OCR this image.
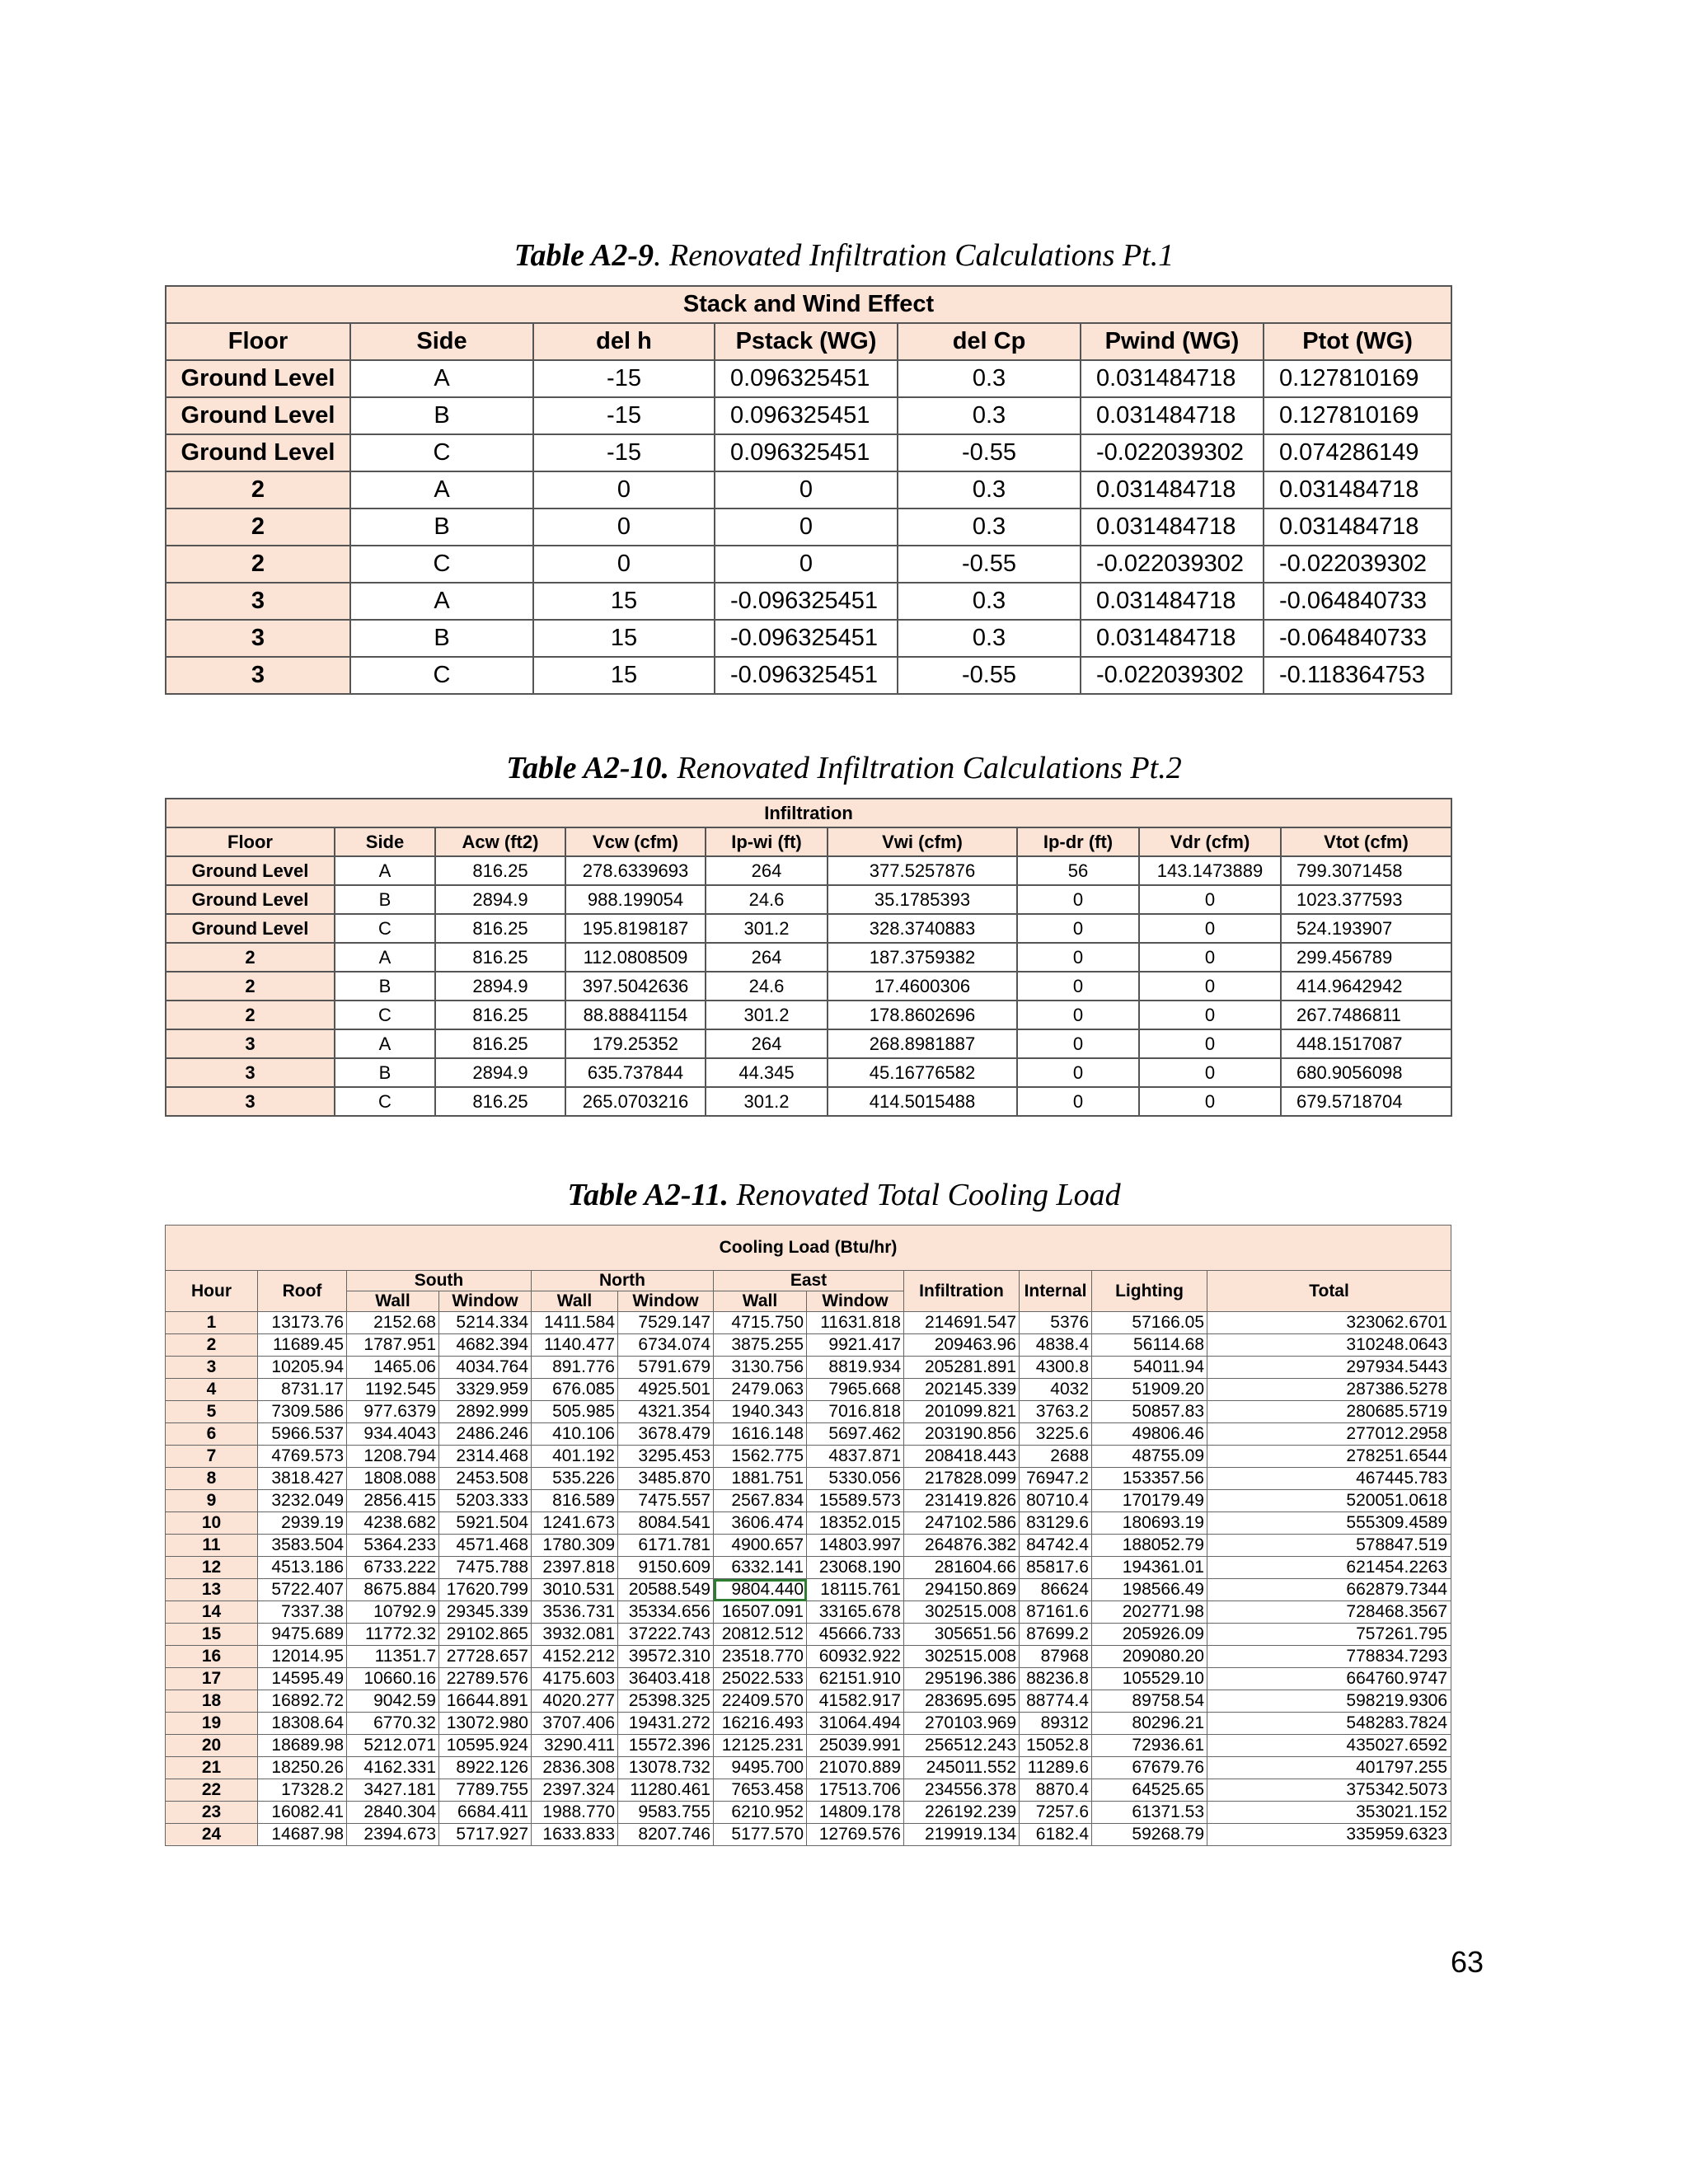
Table A2-9. Renovated Infiltration Calculations Pt.1
Stack and Wind Effect						
Floor	Side	del h	Pstack (WG)	del Cp	Pwind (WG)	Ptot (WG)
Ground Level	A	-15	0.096325451	0.3	0.031484718	0.127810169
Ground Level	B	-15	0.096325451	0.3	0.031484718	0.127810169
Ground Level	C	-15	0.096325451	-0.55	-0.022039302	0.074286149
2	A	0	0	0.3	0.031484718	0.031484718
2	B	0	0	0.3	0.031484718	0.031484718
2	C	0	0	-0.55	-0.022039302	-0.022039302
3	A	15	-0.096325451	0.3	0.031484718	-0.064840733
3	B	15	-0.096325451	0.3	0.031484718	-0.064840733
3	C	15	-0.096325451	-0.55	-0.022039302	-0.118364753
Table A2-10. Renovated Infiltration Calculations Pt.2
Infiltration								
Floor	Side	Acw (ft2)	Vcw (cfm)	Ip-wi (ft)	Vwi (cfm)	Ip-dr (ft)	Vdr (cfm)	Vtot (cfm)
Ground Level	A	816.25	278.6339693	264	377.5257876	56	143.1473889	799.3071458
Ground Level	B	2894.9	988.199054	24.6	35.1785393	0	0	1023.377593
Ground Level	C	816.25	195.8198187	301.2	328.3740883	0	0	524.193907
2	A	816.25	112.0808509	264	187.3759382	0	0	299.456789
2	B	2894.9	397.5042636	24.6	17.4600306	0	0	414.9642942
2	C	816.25	88.88841154	301.2	178.8602696	0	0	267.7486811
3	A	816.25	179.25352	264	268.8981887	0	0	448.1517087
3	B	2894.9	635.737844	44.345	45.16776582	0	0	680.9056098
3	C	816.25	265.0703216	301.2	414.5015488	0	0	679.5718704
Table A2-11. Renovated Total Cooling Load
Cooling Load (Btu/hr)											
Hour	Roof	South		North		East		Infiltration	Internal	Lighting	Total
		Wall	Window	Wall	Window	Wall	Window				
1	13173.76	2152.68	5214.334	1411.584	7529.147	4715.750	11631.818	214691.547	5376	57166.05	323062.6701
2	11689.45	1787.951	4682.394	1140.477	6734.074	3875.255	9921.417	209463.96	4838.4	56114.68	310248.0643
3	10205.94	1465.06	4034.764	891.776	5791.679	3130.756	8819.934	205281.891	4300.8	54011.94	297934.5443
4	8731.17	1192.545	3329.959	676.085	4925.501	2479.063	7965.668	202145.339	4032	51909.20	287386.5278
5	7309.586	977.6379	2892.999	505.985	4321.354	1940.343	7016.818	201099.821	3763.2	50857.83	280685.5719
6	5966.537	934.4043	2486.246	410.106	3678.479	1616.148	5697.462	203190.856	3225.6	49806.46	277012.2958
7	4769.573	1208.794	2314.468	401.192	3295.453	1562.775	4837.871	208418.443	2688	48755.09	278251.6544
8	3818.427	1808.088	2453.508	535.226	3485.870	1881.751	5330.056	217828.099	76947.2	153357.56	467445.783
9	3232.049	2856.415	5203.333	816.589	7475.557	2567.834	15589.573	231419.826	80710.4	170179.49	520051.0618
10	2939.19	4238.682	5921.504	1241.673	8084.541	3606.474	18352.015	247102.586	83129.6	180693.19	555309.4589
11	3583.504	5364.233	4571.468	1780.309	6171.781	4900.657	14803.997	264876.382	84742.4	188052.79	578847.519
12	4513.186	6733.222	7475.788	2397.818	9150.609	6332.141	23068.190	281604.66	85817.6	194361.01	621454.2263
13	5722.407	8675.884	17620.799	3010.531	20588.549	9804.440	18115.761	294150.869	86624	198566.49	662879.7344
14	7337.38	10792.9	29345.339	3536.731	35334.656	16507.091	33165.678	302515.008	87161.6	202771.98	728468.3567
15	9475.689	11772.32	29102.865	3932.081	37222.743	20812.512	45666.733	305651.56	87699.2	205926.09	757261.795
16	12014.95	11351.7	27728.657	4152.212	39572.310	23518.770	60932.922	302515.008	87968	209080.20	778834.7293
17	14595.49	10660.16	22789.576	4175.603	36403.418	25022.533	62151.910	295196.386	88236.8	105529.10	664760.9747
18	16892.72	9042.59	16644.891	4020.277	25398.325	22409.570	41582.917	283695.695	88774.4	89758.54	598219.9306
19	18308.64	6770.32	13072.980	3707.406	19431.272	16216.493	31064.494	270103.969	89312	80296.21	548283.7824
20	18689.98	5212.071	10595.924	3290.411	15572.396	12125.231	25039.991	256512.243	15052.8	72936.61	435027.6592
21	18250.26	4162.331	8922.126	2836.308	13078.732	9495.700	21070.889	245011.552	11289.6	67679.76	401797.255
22	17328.2	3427.181	7789.755	2397.324	11280.461	7653.458	17513.706	234556.378	8870.4	64525.65	375342.5073
23	16082.41	2840.304	6684.411	1988.770	9583.755	6210.952	14809.178	226192.239	7257.6	61371.53	353021.152
24	14687.98	2394.673	5717.927	1633.833	8207.746	5177.570	12769.576	219919.134	6182.4	59268.79	335959.6323
63
